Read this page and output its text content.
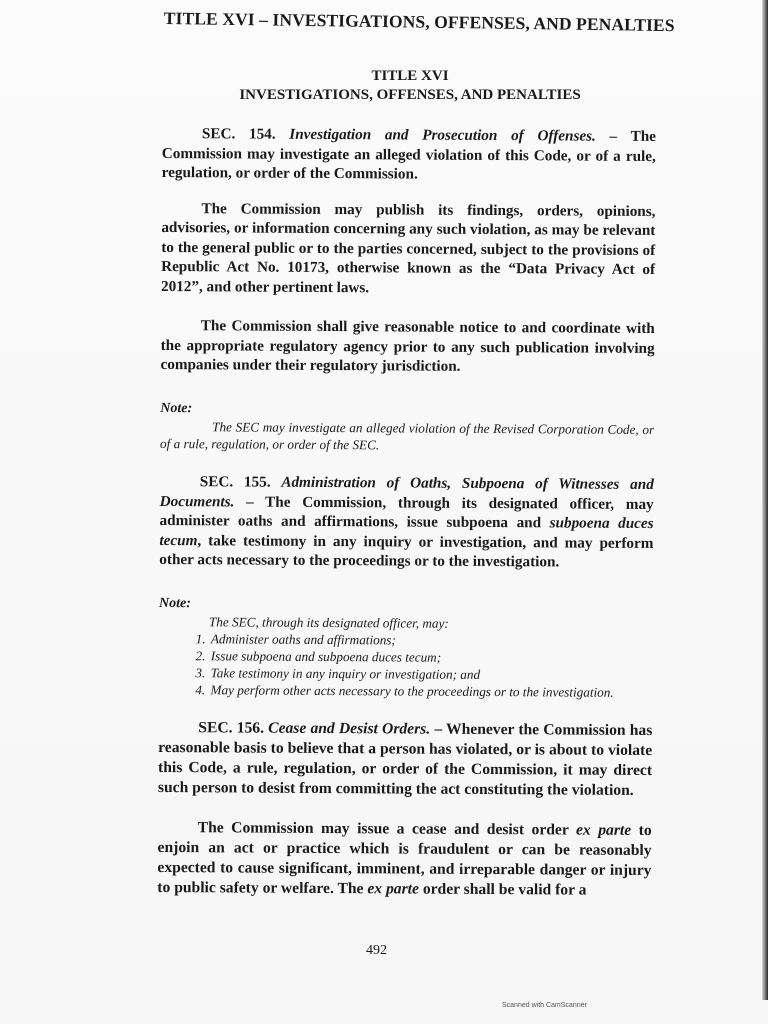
TITLE XVI – INVESTIGATIONS, OFFENSES, AND PENALTIES
TITLE XVI
INVESTIGATIONS, OFFENSES, AND PENALTIES

SEC. 154. Investigation and Prosecution of Offenses. – The Commission may investigate an alleged violation of this Code, or of a rule, regulation, or order of the Commission.

The Commission may publish its findings, orders, opinions, advisories, or information concerning any such violation, as may be relevant to the general public or to the parties concerned, subject to the provisions of Republic Act No. 10173, otherwise known as the “Data Privacy Act of 2012”, and other pertinent laws.

The Commission shall give reasonable notice to and coordinate with the appropriate regulatory agency prior to any such publication involving companies under their regulatory jurisdiction.

Note:
The SEC may investigate an alleged violation of the Revised Corporation Code, or of a rule, regulation, or order of the SEC.

SEC. 155. Administration of Oaths, Subpoena of Witnesses and Documents. – The Commission, through its designated officer, may administer oaths and affirmations, issue subpoena and subpoena duces tecum, take testimony in any inquiry or investigation, and may perform other acts necessary to the proceedings or to the investigation.

Note:
The SEC, through its designated officer, may:
1. Administer oaths and affirmations;
2. Issue subpoena and subpoena duces tecum;
3. Take testimony in any inquiry or investigation; and
4. May perform other acts necessary to the proceedings or to the investigation.

SEC. 156. Cease and Desist Orders. – Whenever the Commission has reasonable basis to believe that a person has violated, or is about to violate this Code, a rule, regulation, or order of the Commission, it may direct such person to desist from committing the act constituting the violation.

The Commission may issue a cease and desist order ex parte to enjoin an act or practice which is fraudulent or can be reasonably expected to cause significant, imminent, and irreparable danger or injury to public safety or welfare. The ex parte order shall be valid for a

492
Scanned with CamScanner
